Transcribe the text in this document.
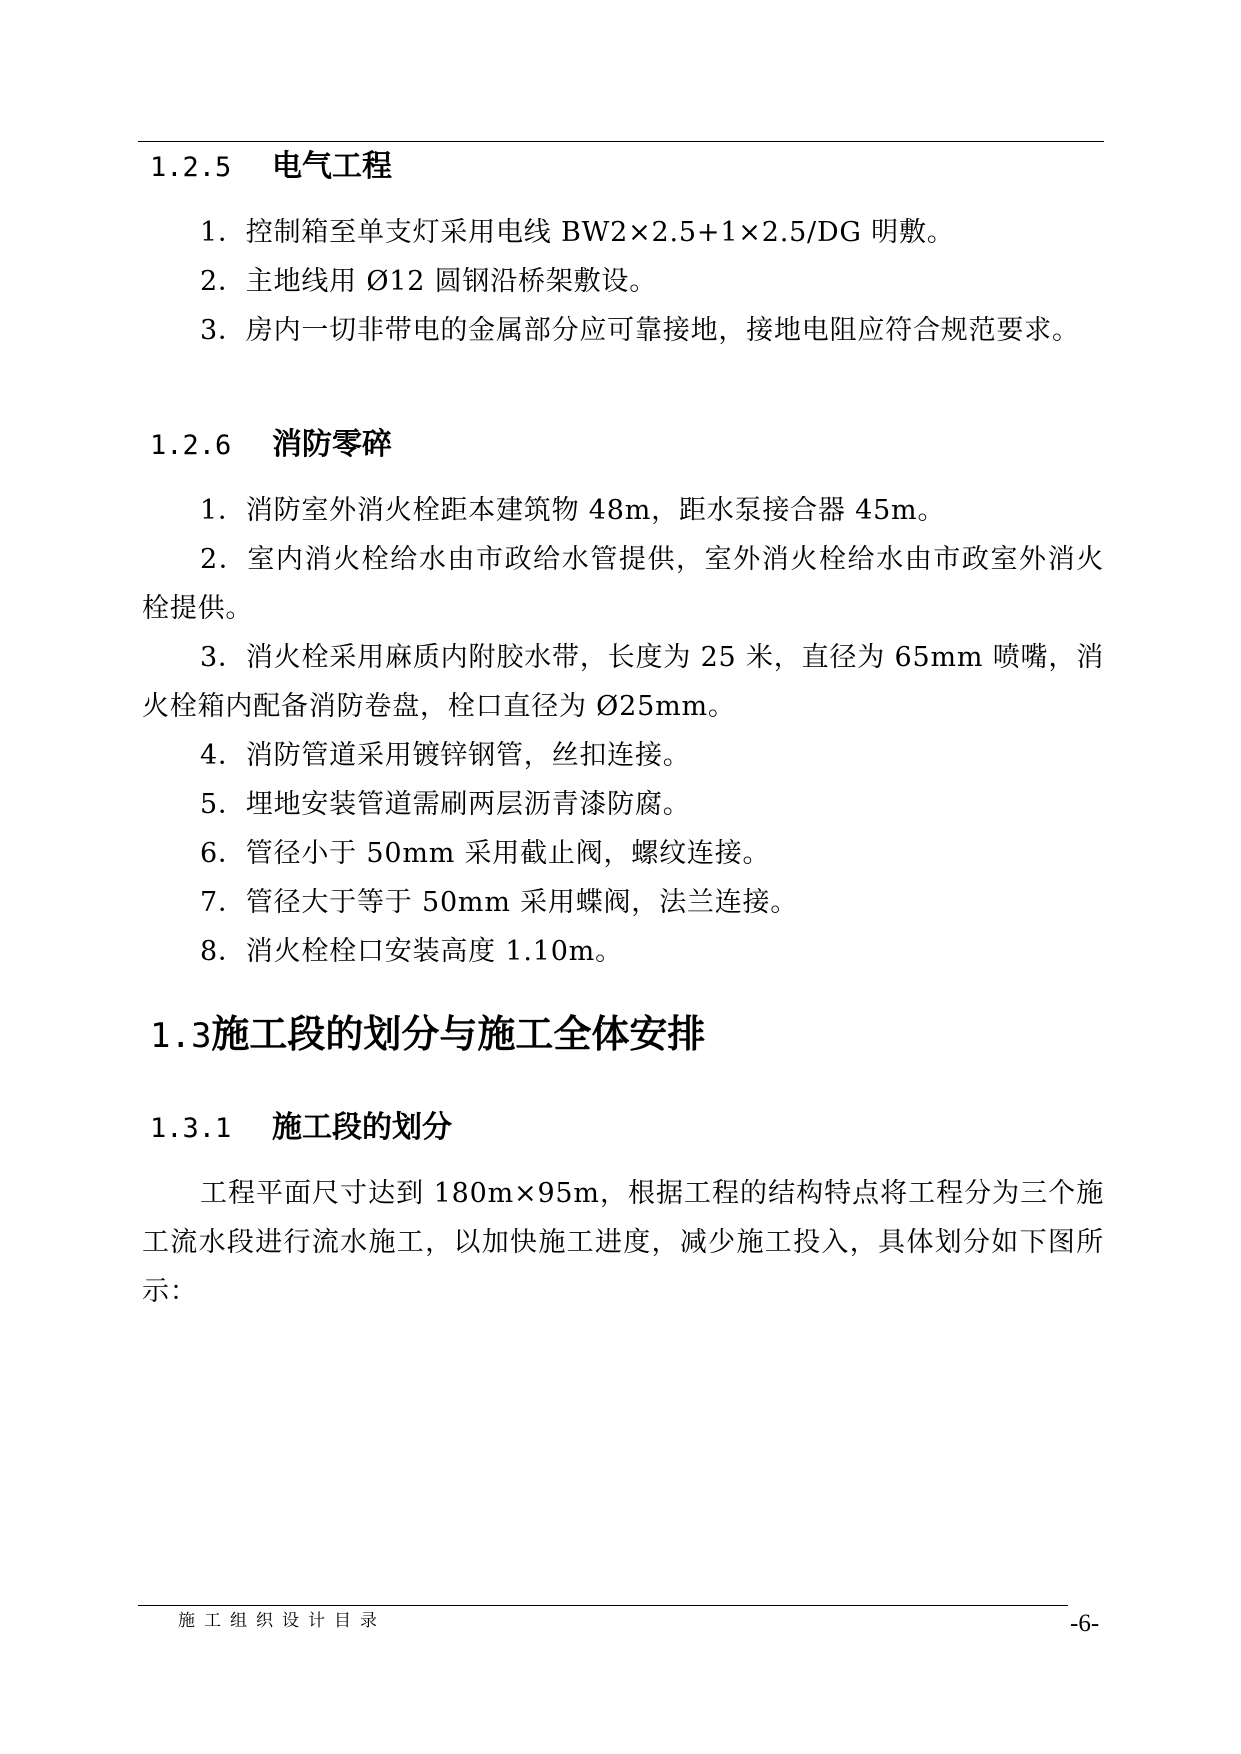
1.2.5 电气工程
1．控制箱至单支灯采用电线 BW2×2.5+1×2.5/DG 明敷。
2．主地线用 Ø12 圆钢沿桥架敷设。
3．房内一切非带电的金属部分应可靠接地，接地电阻应符合规范要求。
1.2.6 消防零碎
1．消防室外消火栓距本建筑物 48m，距水泵接合器 45m。
2．室内消火栓给水由市政给水管提供，室外消火栓给水由市政室外消火栓提供。
3．消火栓采用麻质内附胶水带，长度为 25 米，直径为 65mm 喷嘴，消火栓箱内配备消防卷盘，栓口直径为 Ø25mm。
4．消防管道采用镀锌钢管，丝扣连接。
5．埋地安装管道需刷两层沥青漆防腐。
6．管径小于 50mm 采用截止阀，螺纹连接。
7．管径大于等于 50mm 采用蝶阀，法兰连接。
8．消火栓栓口安装高度 1.10m。
1.3施工段的划分与施工全体安排
1.3.1 施工段的划分
工程平面尺寸达到 180m×95m，根据工程的结构特点将工程分为三个施工流水段进行流水施工，以加快施工进度，减少施工投入，具体划分如下图所示：
施工组织设计目录	-6-
